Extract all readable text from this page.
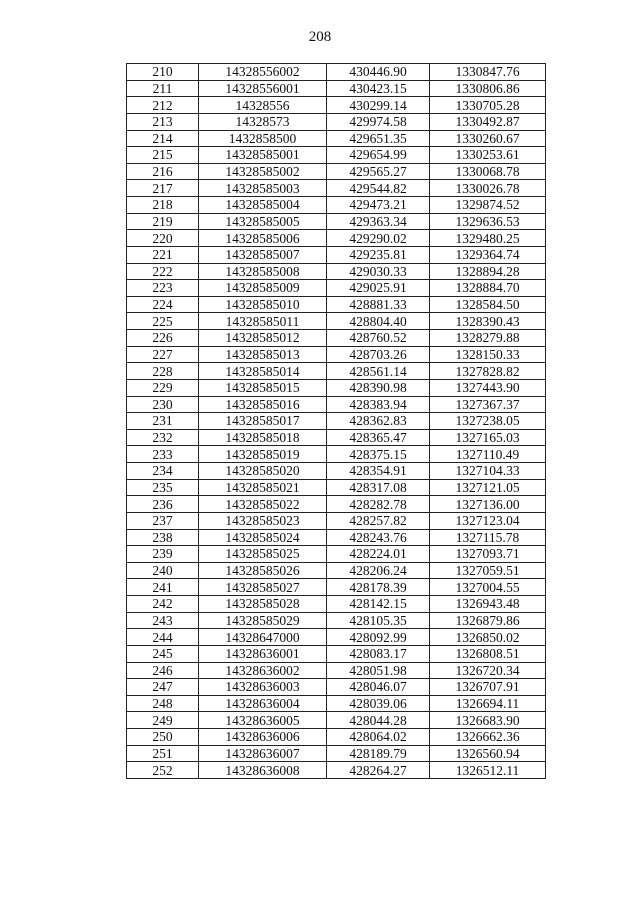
208
210	14328556002	430446.90	1330847.76
211	14328556001	430423.15	1330806.86
212	14328556	430299.14	1330705.28
213	14328573	429974.58	1330492.87
214	1432858500	429651.35	1330260.67
215	14328585001	429654.99	1330253.61
216	14328585002	429565.27	1330068.78
217	14328585003	429544.82	1330026.78
218	14328585004	429473.21	1329874.52
219	14328585005	429363.34	1329636.53
220	14328585006	429290.02	1329480.25
221	14328585007	429235.81	1329364.74
222	14328585008	429030.33	1328894.28
223	14328585009	429025.91	1328884.70
224	14328585010	428881.33	1328584.50
225	14328585011	428804.40	1328390.43
226	14328585012	428760.52	1328279.88
227	14328585013	428703.26	1328150.33
228	14328585014	428561.14	1327828.82
229	14328585015	428390.98	1327443.90
230	14328585016	428383.94	1327367.37
231	14328585017	428362.83	1327238.05
232	14328585018	428365.47	1327165.03
233	14328585019	428375.15	1327110.49
234	14328585020	428354.91	1327104.33
235	14328585021	428317.08	1327121.05
236	14328585022	428282.78	1327136.00
237	14328585023	428257.82	1327123.04
238	14328585024	428243.76	1327115.78
239	14328585025	428224.01	1327093.71
240	14328585026	428206.24	1327059.51
241	14328585027	428178.39	1327004.55
242	14328585028	428142.15	1326943.48
243	14328585029	428105.35	1326879.86
244	14328647000	428092.99	1326850.02
245	14328636001	428083.17	1326808.51
246	14328636002	428051.98	1326720.34
247	14328636003	428046.07	1326707.91
248	14328636004	428039.06	1326694.11
249	14328636005	428044.28	1326683.90
250	14328636006	428064.02	1326662.36
251	14328636007	428189.79	1326560.94
252	14328636008	428264.27	1326512.11
